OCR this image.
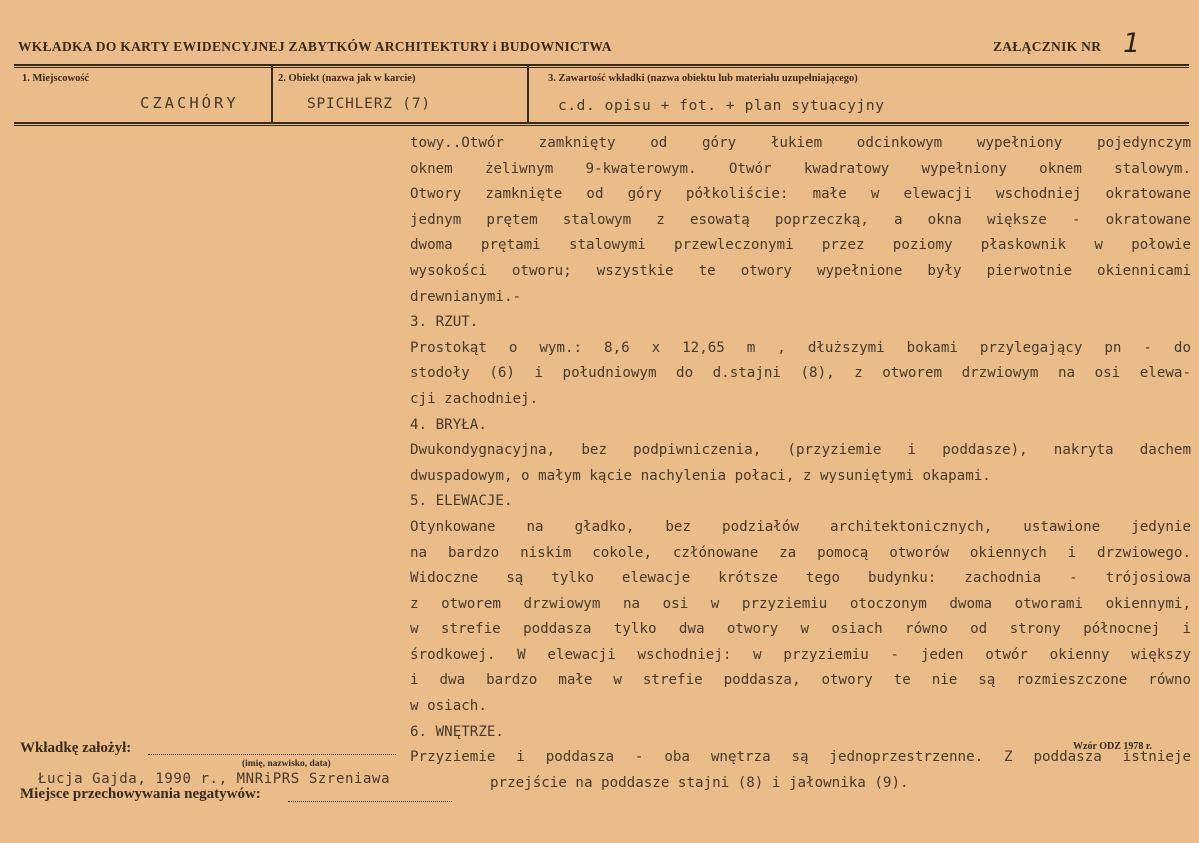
WKŁADKA DO KARTY EWIDENCYJNEJ ZABYTKÓW ARCHITEKTURY i BUDOWNICTWA	ZAŁĄCZNIK NR 1
1. Miejscowość
CZACHÓRY
2. Obiekt (nazwa jak w karcie)
SPICHLERZ (7)
3. Zawartość wkładki (nazwa obiektu lub materiału uzupełniającego)
c.d. opisu + fot. + plan sytuacyjny
towy..Otwór zamknięty od góry łukiem odcinkowym wypełniony pojedynczym
oknem żeliwnym 9-kwaterowym. Otwór kwadratowy wypełniony oknem stalowym.
Otwory zamknięte od góry półkoliście: małe w elewacji wschodniej okratowane
jednym prętem stalowym z esowatą poprzeczką, a okna większe - okratowane
dwoma prętami stalowymi przewleczonymi przez poziomy płaskownik w połowie
wysokości otworu; wszystkie te otwory wypełnione były pierwotnie okiennicami
drewnianymi.-
3. RZUT.
Prostokąt o wym.: 8,6 x 12,65 m , dłuższymi bokami przylegający pn - do
stodoły (6) i południowym do d.stajni (8), z otworem drzwiowym na osi elewa-
cji zachodniej.
4. BRYŁA.
Dwukondygnacyjna, bez podpiwniczenia, (przyziemie i poddasze), nakryta dachem
dwuspadowym, o małym kącie nachylenia połaci, z wysuniętymi okapami.
5. ELEWACJE.
Otynkowane na gładko, bez podziałów architektonicznych, ustawione jedynie
na bardzo niskim cokole, człónowane za pomocą otworów okiennych i drzwiowego.
Widoczne są tylko elewacje krótsze tego budynku: zachodnia - trójosiowa
z otworem drzwiowym na osi w przyziemiu otoczonym dwoma otworami okiennymi,
w strefie poddasza tylko dwa otwory w osiach równo od strony północnej i
środkowej. W elewacji wschodniej: w przyziemiu - jeden otwór okienny większy
i dwa bardzo małe w strefie poddasza, otwory te nie są rozmieszczone równo
w osiach.
6. WNĘTRZE.
Przyziemie i poddasza - oba wnętrza są jednoprzestrzenne. Z poddasza istnieje
przejście na poddasze stajni (8) i jałownika (9).
Wkładkę założył:
(imię, nazwisko, data)
Łucja Gajda, 1990 r., MNRiPRS Szreniawa
Miejsce przechowywania negatywów:
Wzór ODZ 1978 r.
